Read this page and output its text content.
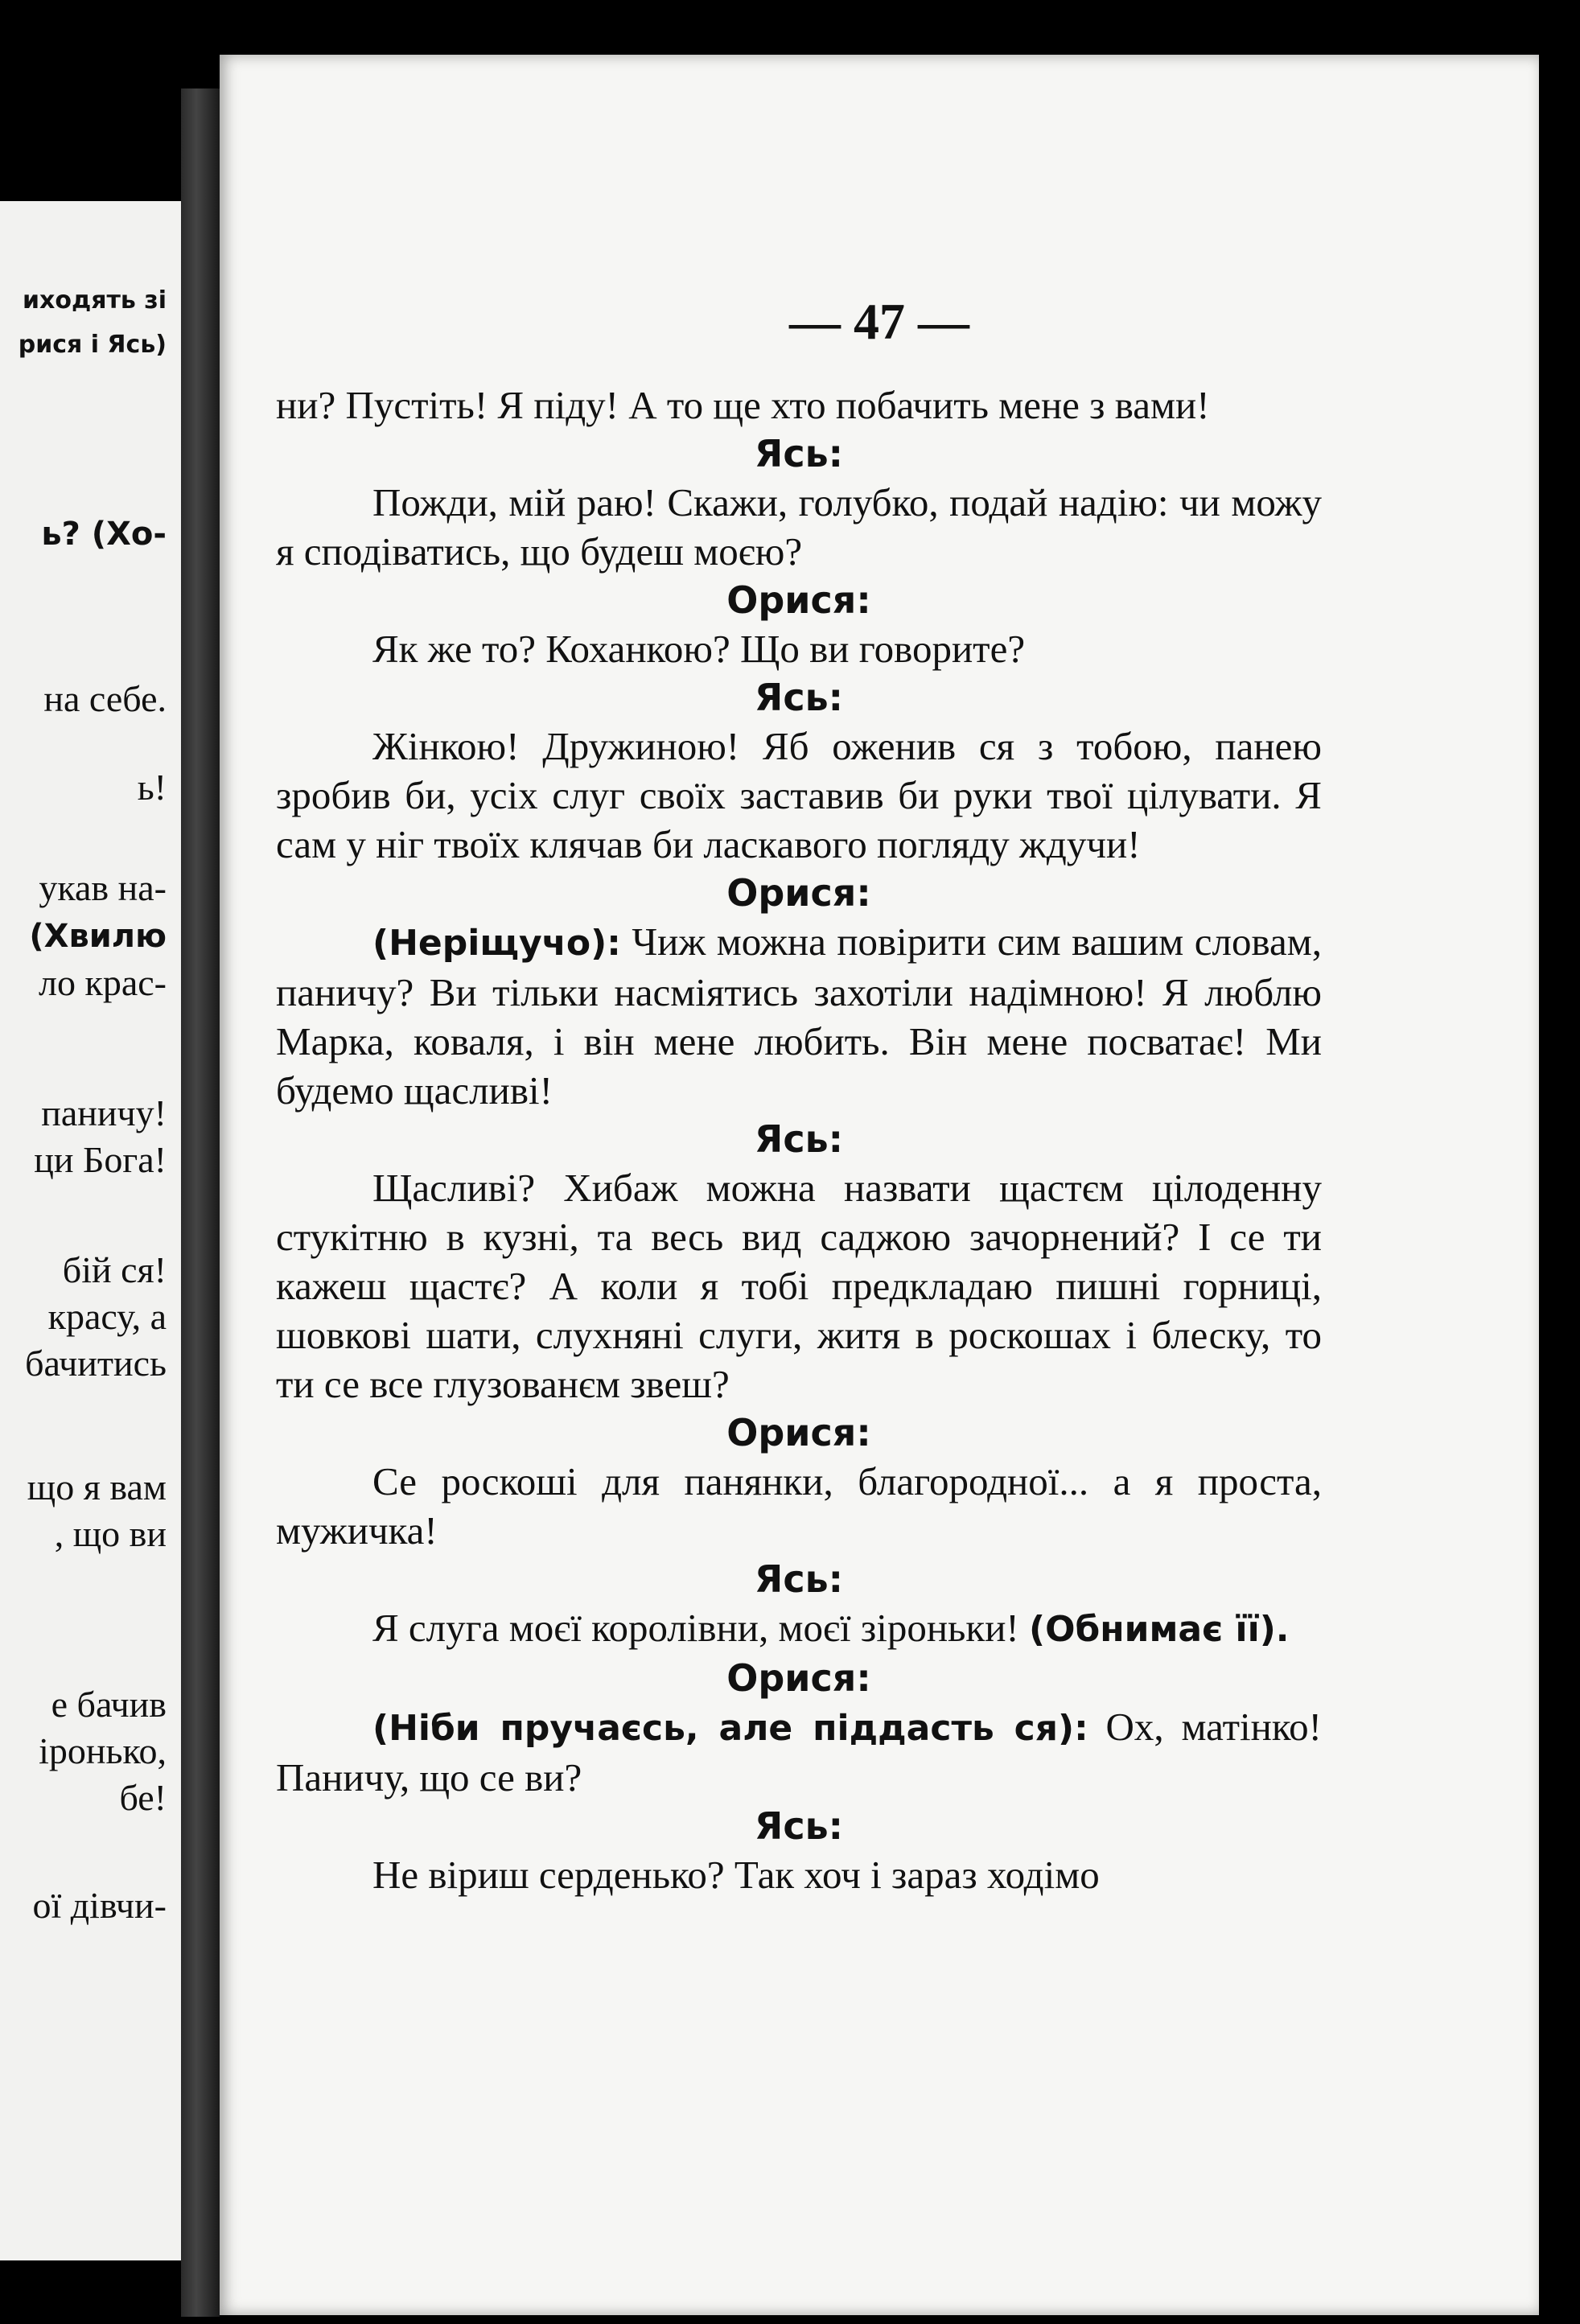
иходять зі
рися і Ясь)
ь? (Хо-
на себе.
ь!
укав на-
(Хвилю
ло крас-
паничу!
ци Бога!
бій ся!
красу, а
бачитись
що я вам
, що ви
е бачив
іронько,
бе!
ої дівчи-
— 47 —

ни? Пустіть! Я піду! А то ще хто побачить мене з вами!

Ясь:

Пожди, мій раю! Скажи, голубко, подай надію: чи можу я сподіватись, що будеш моєю?

Орися:

Як же то? Коханкою? Що ви говорите?

Ясь:

Жінкою! Дружиною! Яб оженив ся з тобою, панею зробив би, усіх слуг своїх заставив би руки твої цілувати. Я сам у ніг твоїх клячав би ласкавого погляду ждучи!

Орися:

(Неріщучо): Чиж можна повірити сим вашим словам, паничу? Ви тільки насміятись захотіли надімною! Я люблю Марка, коваля, і він мене любить. Він мене посватає! Ми будемо щасливі!

Ясь:

Щасливі? Хибаж можна назвати щастєм цілоденну стукітню в кузні, та весь вид саджою зачорнений? І се ти кажеш щастє? А коли я тобі предкладаю пишні горниці, шовкові шати, слухняні слуги, житя в роскошах і блеску, то ти се все глузованєм звеш?

Орися:

Се роскоші для панянки, благородної... а я проста, мужичка!

Ясь:

Я слуга моєї королівни, моєї зіроньки! (Обнимає її).

Орися:

(Ніби пручаєсь, але піддасть ся): Ох, матінко! Паничу, що се ви?

Ясь:

Не віриш серденько? Так хоч і зараз ходімо
